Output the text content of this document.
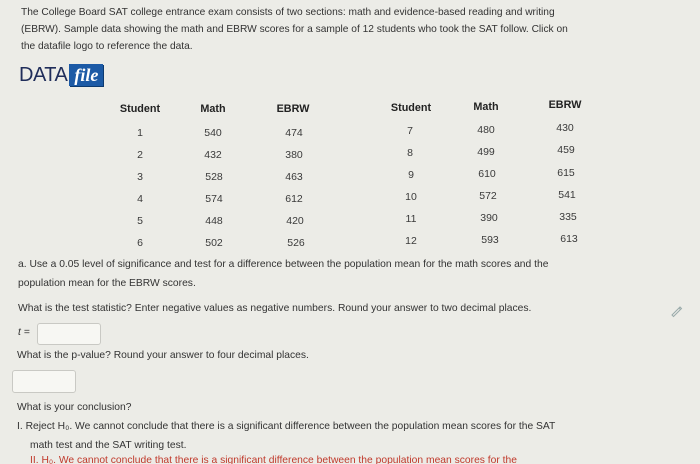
The College Board SAT college entrance exam consists of two sections: math and evidence-based reading and writing
(EBRW). Sample data showing the math and EBRW scores for a sample of 12 students who took the SAT follow. Click on
the datafile logo to reference the data.
DATA file
Student	Math	EBRW	Student	Math	EBRW
1	540	474	7	480	430
2	432	380	8	499	459
3	528	463	9	610	615
4	574	612	10	572	541
5	448	420	11	390	335
6	502	526	12	593	613
a. Use a 0.05 level of significance and test for a difference between the population mean for the math scores and the
population mean for the EBRW scores.
What is the test statistic? Enter negative values as negative numbers. Round your answer to two decimal places.
t =
What is the p-value? Round your answer to four decimal places.
What is your conclusion?
I. Reject H₀. We cannot conclude that there is a significant difference between the population mean scores for the SAT
math test and the SAT writing test.
II. H₀. We cannot conclude that there is a significant difference between the population mean scores for the
